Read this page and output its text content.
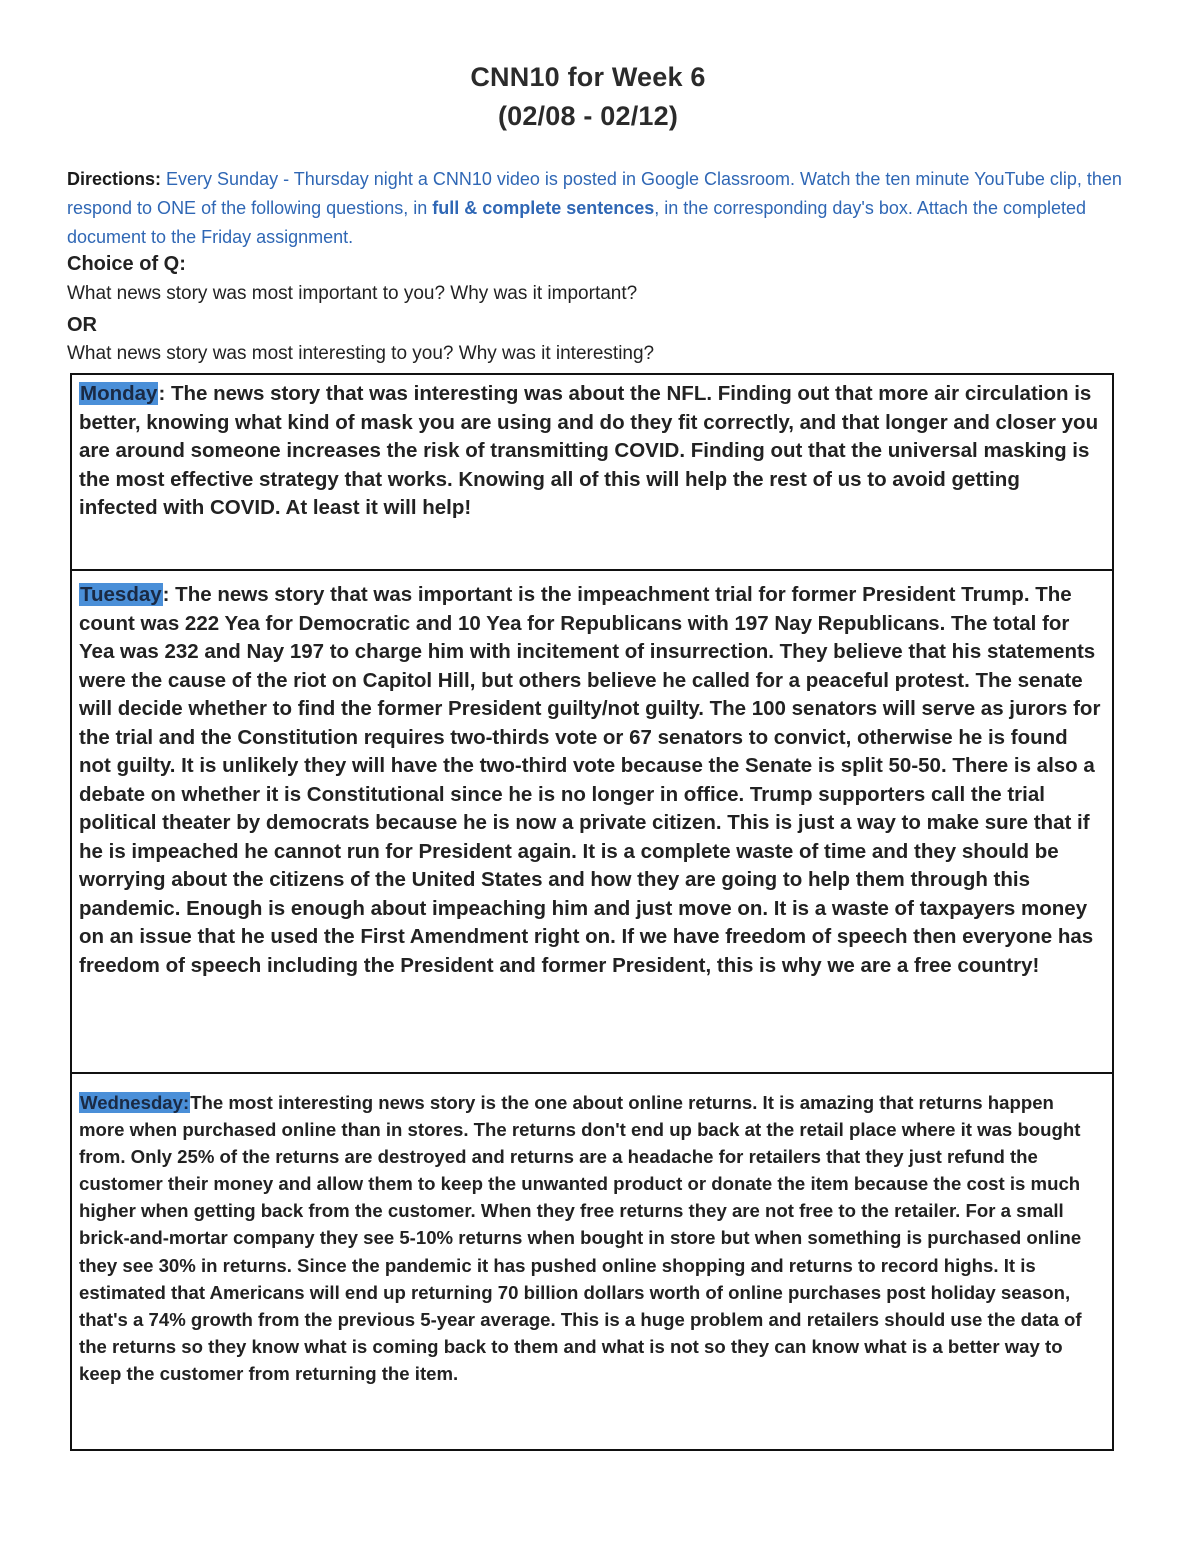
CNN10 for Week 6
(02/08 - 02/12)
Directions: Every Sunday - Thursday night a CNN10 video is posted in Google Classroom. Watch the ten minute YouTube clip, then respond to ONE of the following questions, in full & complete sentences, in the corresponding day's box. Attach the completed document to the Friday assignment.
Choice of Q:
What news story was most important to you? Why was it important?
OR
What news story was most interesting to you? Why was it interesting?
Monday: The news story that was interesting was about the NFL. Finding out that more air circulation is better, knowing what kind of mask you are using and do they fit correctly, and that longer and closer you are around someone increases the risk of transmitting COVID. Finding out that the universal masking is the most effective strategy that works. Knowing all of this will help the rest of us to avoid getting infected with COVID. At least it will help!
Tuesday: The news story that was important is the impeachment trial for former President Trump. The count was 222 Yea for Democratic and 10 Yea for Republicans with 197 Nay Republicans. The total for Yea was 232 and Nay 197 to charge him with incitement of insurrection. They believe that his statements were the cause of the riot on Capitol Hill, but others believe he called for a peaceful protest. The senate will decide whether to find the former President guilty/not guilty. The 100 senators will serve as jurors for the trial and the Constitution requires two-thirds vote or 67 senators to convict, otherwise he is found not guilty. It is unlikely they will have the two-third vote because the Senate is split 50-50. There is also a debate on whether it is Constitutional since he is no longer in office. Trump supporters call the trial political theater by democrats because he is now a private citizen. This is just a way to make sure that if he is impeached he cannot run for President again. It is a complete waste of time and they should be worrying about the citizens of the United States and how they are going to help them through this pandemic. Enough is enough about impeaching him and just move on. It is a waste of taxpayers money on an issue that he used the First Amendment right on. If we have freedom of speech then everyone has freedom of speech including the President and former President, this is why we are a free country!
Wednesday:The most interesting news story is the one about online returns. It is amazing that returns happen more when purchased online than in stores. The returns don't end up back at the retail place where it was bought from. Only 25% of the returns are destroyed and returns are a headache for retailers that they just refund the customer their money and allow them to keep the unwanted product or donate the item because the cost is much higher when getting back from the customer. When they free returns they are not free to the retailer. For a small brick-and-mortar company they see 5-10% returns when bought in store but when something is purchased online they see 30% in returns. Since the pandemic it has pushed online shopping and returns to record highs. It is estimated that Americans will end up returning 70 billion dollars worth of online purchases post holiday season, that's a 74% growth from the previous 5-year average. This is a huge problem and retailers should use the data of the returns so they know what is coming back to them and what is not so they can know what is a better way to keep the customer from returning the item.
